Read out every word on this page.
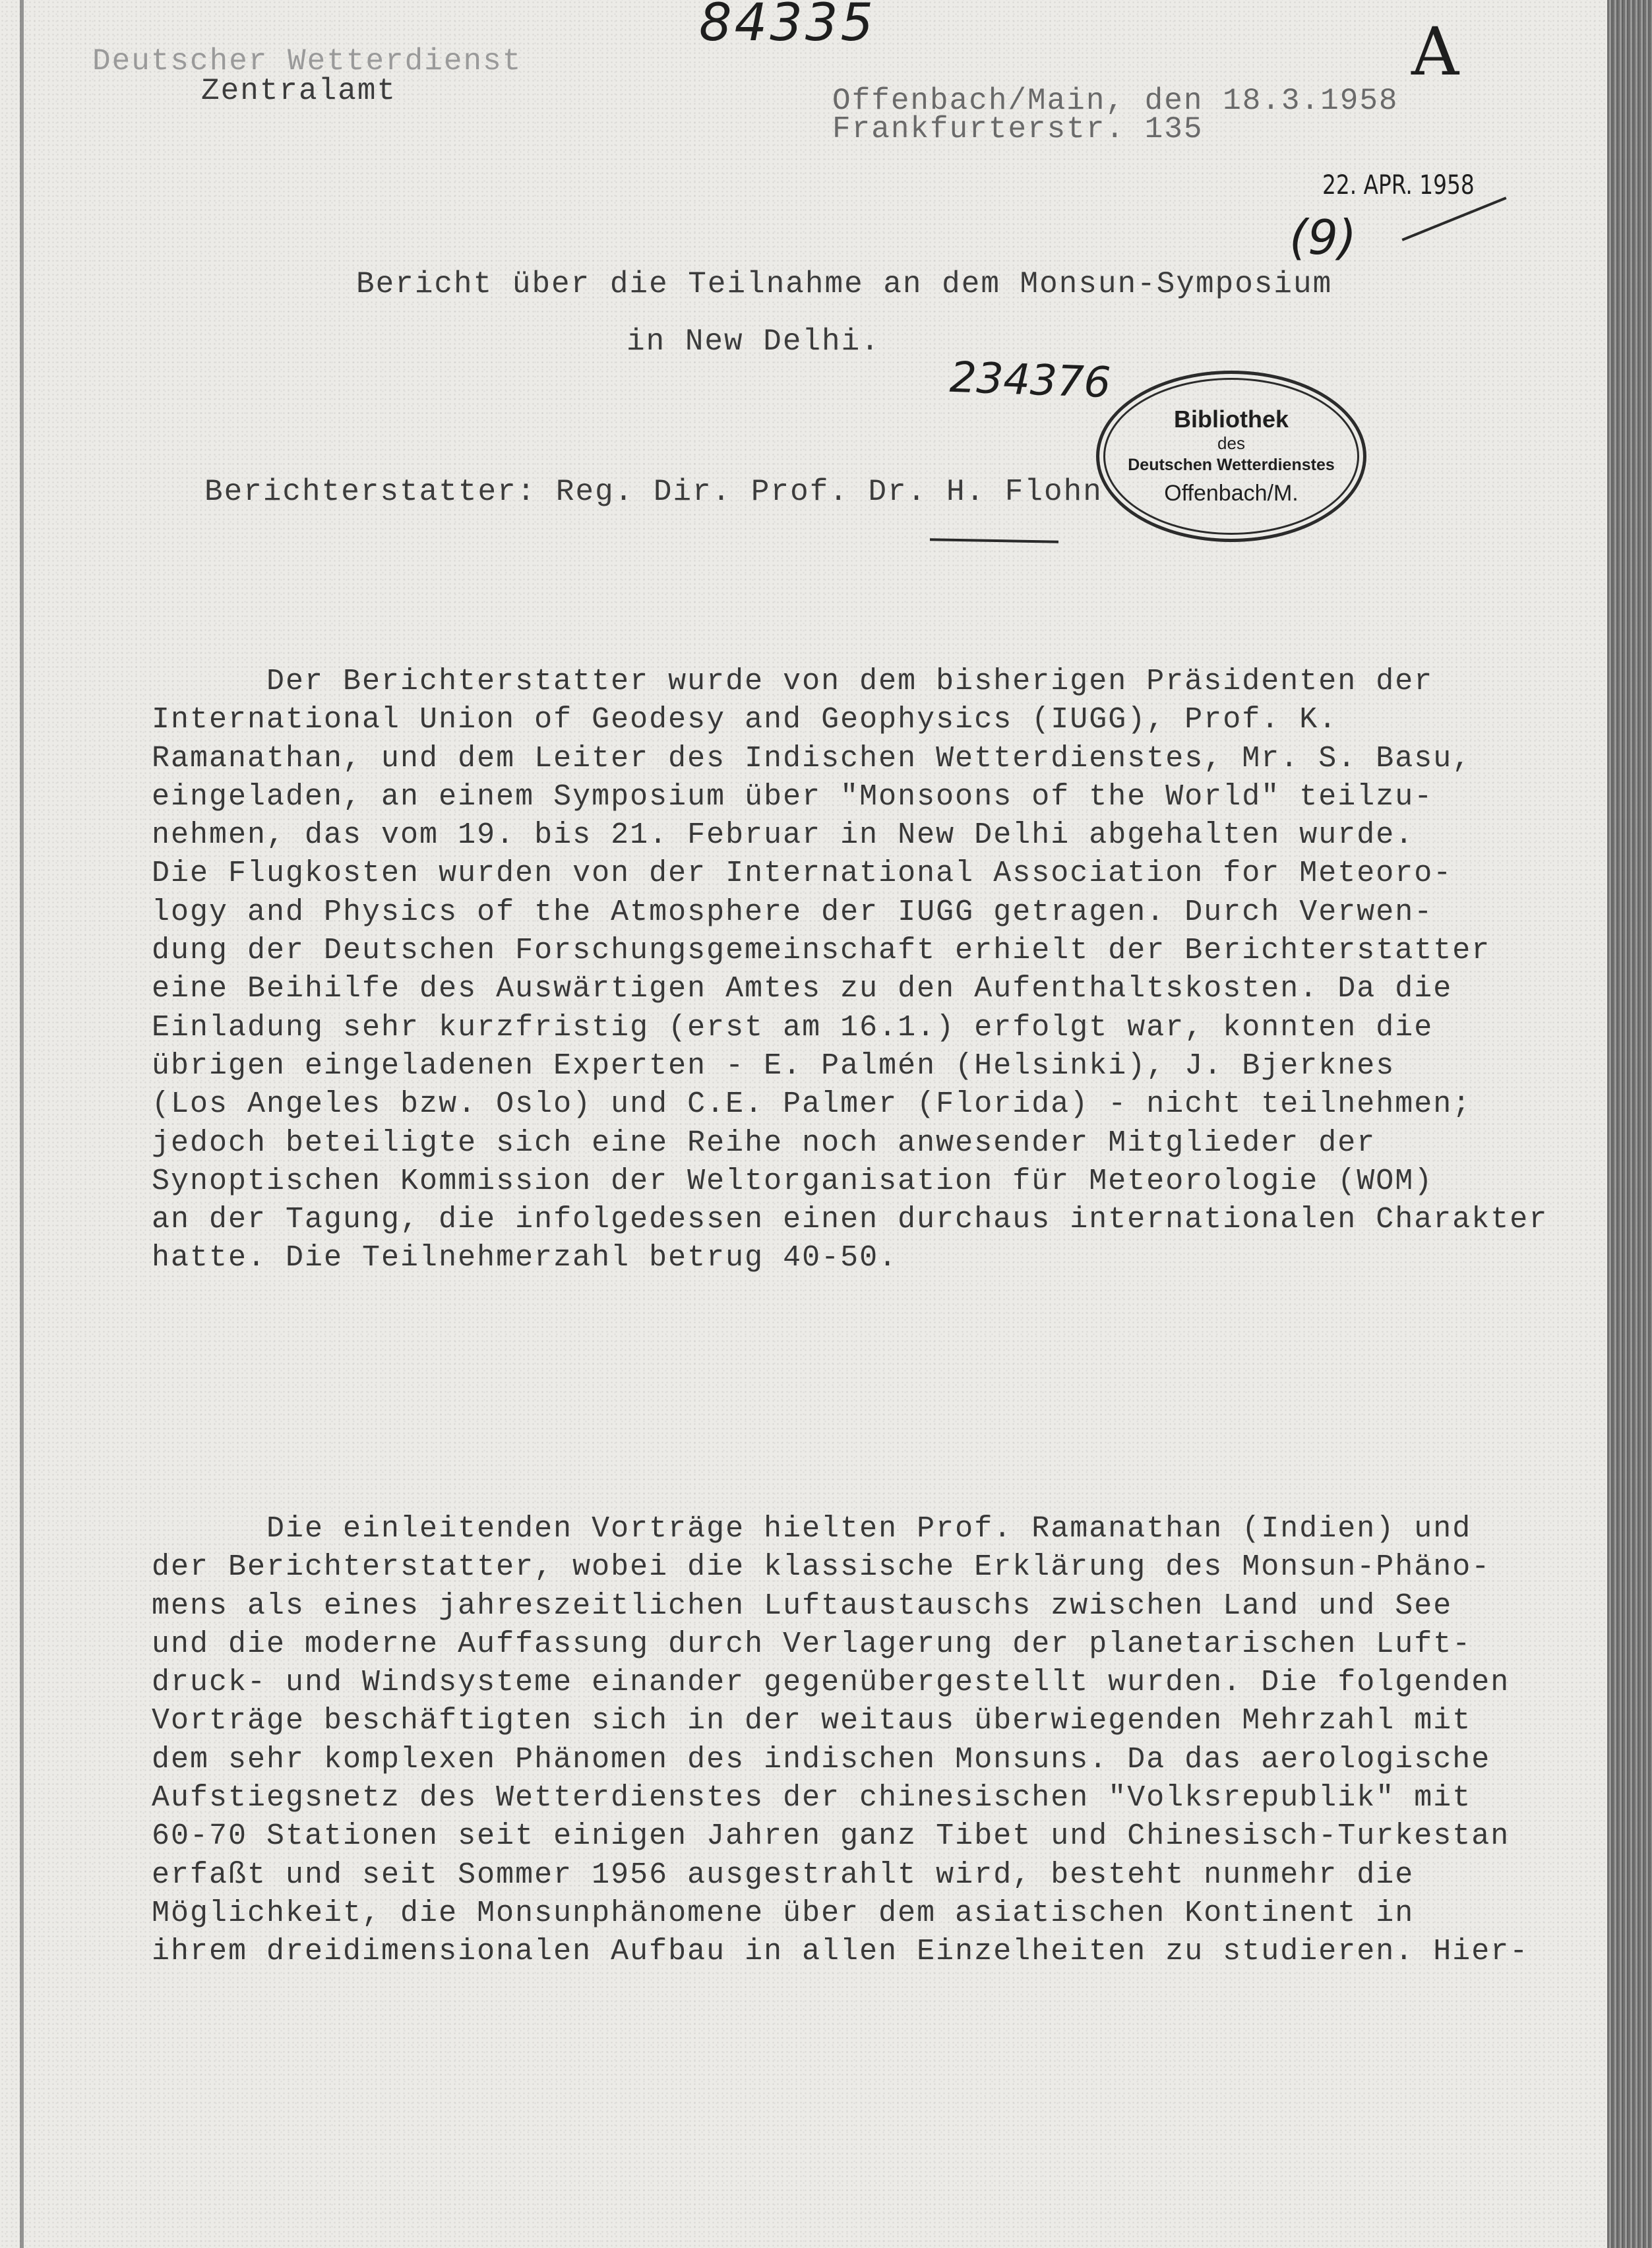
84335	A
22. APR. 1958
(9)
234376
Deutscher Wetterdienst
Zentralamt	Offenbach/Main, den 18.3.1958
Frankfurterstr. 135
Bericht über die Teilnahme an dem Monsun-Symposium
in New Delhi.
Berichterstatter: Reg. Dir. Prof. Dr. H. Flohn
Bibliothek
des
Deutschen Wetterdienstes
Offenbach/M.
Der Berichterstatter wurde von dem bisherigen Präsidenten der
International Union of Geodesy and Geophysics (IUGG), Prof. K.
Ramanathan, und dem Leiter des Indischen Wetterdienstes, Mr. S. Basu,
eingeladen, an einem Symposium über "Monsoons of the World" teilzu-
nehmen, das vom 19. bis 21. Februar in New Delhi abgehalten wurde.
Die Flugkosten wurden von der International Association for Meteoro-
logy and Physics of the Atmosphere der IUGG getragen. Durch Verwen-
dung der Deutschen Forschungsgemeinschaft erhielt der Berichterstatter
eine Beihilfe des Auswärtigen Amtes zu den Aufenthaltskosten. Da die
Einladung sehr kurzfristig (erst am 16.1.) erfolgt war, konnten die
übrigen eingeladenen Experten - E. Palmén (Helsinki), J. Bjerknes
(Los Angeles bzw. Oslo) und C.E. Palmer (Florida) - nicht teilnehmen;
jedoch beteiligte sich eine Reihe noch anwesender Mitglieder der
Synoptischen Kommission der Weltorganisation für Meteorologie (WOM)
an der Tagung, die infolgedessen einen durchaus internationalen Charakter
hatte. Die Teilnehmerzahl betrug 40-50.
Die einleitenden Vorträge hielten Prof. Ramanathan (Indien) und
der Berichterstatter, wobei die klassische Erklärung des Monsun-Phäno-
mens als eines jahreszeitlichen Luftaustauschs zwischen Land und See
und die moderne Auffassung durch Verlagerung der planetarischen Luft-
druck- und Windsysteme einander gegenübergestellt wurden. Die folgenden
Vorträge beschäftigten sich in der weitaus überwiegenden Mehrzahl mit
dem sehr komplexen Phänomen des indischen Monsuns. Da das aerologische
Aufstiegsnetz des Wetterdienstes der chinesischen "Volksrepublik" mit
60-70 Stationen seit einigen Jahren ganz Tibet und Chinesisch-Turkestan
erfaßt und seit Sommer 1956 ausgestrahlt wird, besteht nunmehr die
Möglichkeit, die Monsunphänomene über dem asiatischen Kontinent in
ihrem dreidimensionalen Aufbau in allen Einzelheiten zu studieren. Hier-
